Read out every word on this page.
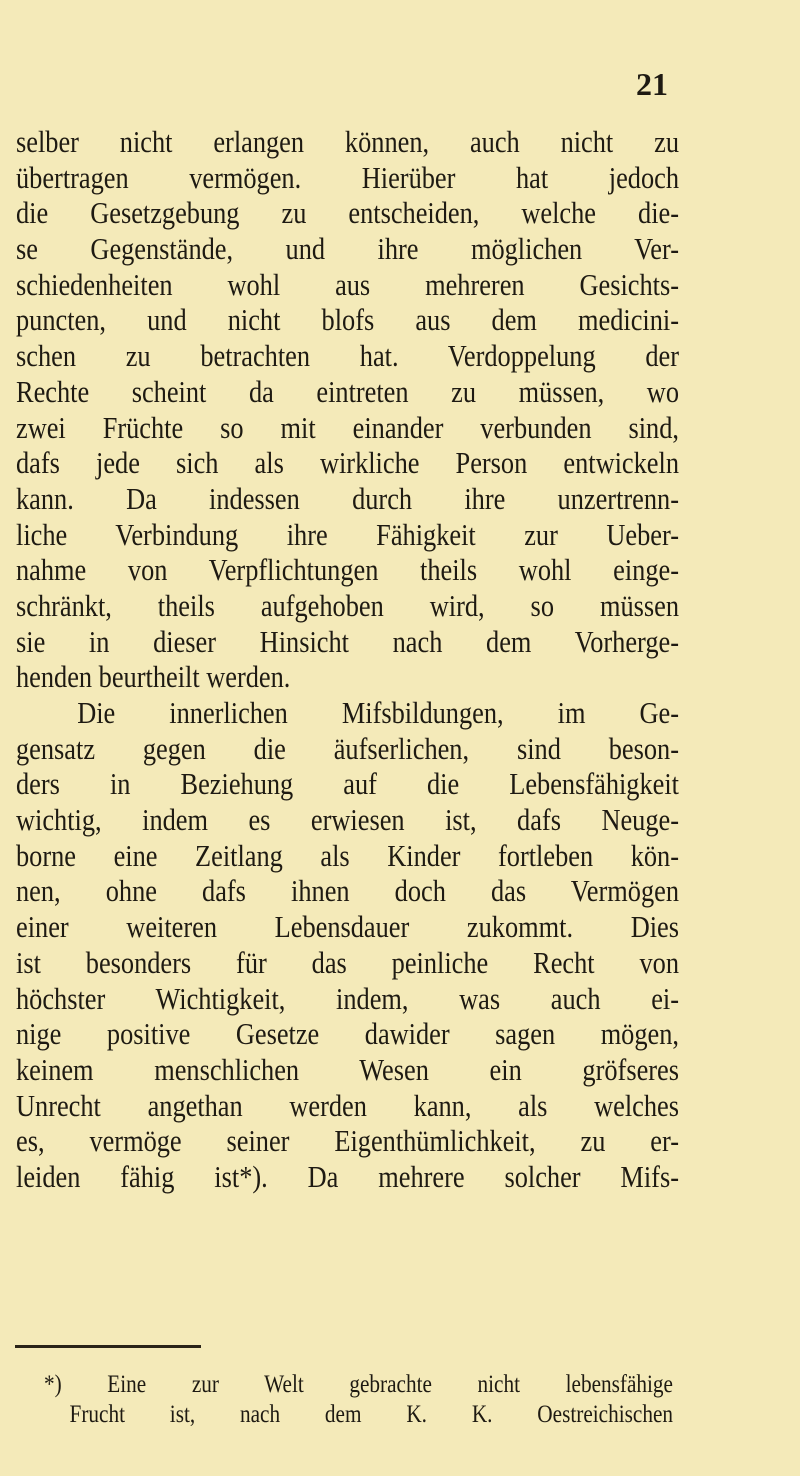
21
selber nicht erlangen können, auch nicht zu
übertragen vermögen. Hierüber hat jedoch
die Gesetzgebung zu entscheiden, welche die-
se Gegenstände, und ihre möglichen Ver-
schiedenheiten wohl aus mehreren Gesichts-
puncten, und nicht blofs aus dem medicini-
schen zu betrachten hat. Verdoppelung der
Rechte scheint da eintreten zu müssen, wo
zwei Früchte so mit einander verbunden sind,
dafs jede sich als wirkliche Person entwickeln
kann. Da indessen durch ihre unzertrenn-
liche Verbindung ihre Fähigkeit zur Ueber-
nahme von Verpflichtungen theils wohl einge-
schränkt, theils aufgehoben wird, so müssen
sie in dieser Hinsicht nach dem Vorherge-
henden beurtheilt werden.
Die innerlichen Mifsbildungen, im Ge-
gensatz gegen die äufserlichen, sind beson-
ders in Beziehung auf die Lebensfähigkeit
wichtig, indem es erwiesen ist, dafs Neuge-
borne eine Zeitlang als Kinder fortleben kön-
nen, ohne dafs ihnen doch das Vermögen
einer weiteren Lebensdauer zukommt. Dies
ist besonders für das peinliche Recht von
höchster Wichtigkeit, indem, was auch ei-
nige positive Gesetze dawider sagen mögen,
keinem menschlichen Wesen ein gröfseres
Unrecht angethan werden kann, als welches
es, vermöge seiner Eigenthümlichkeit, zu er-
leiden fähig ist*). Da mehrere solcher Mifs-
*) Eine zur Welt gebrachte nicht lebensfähige
Frucht ist, nach dem K. K. Oestreichischen
